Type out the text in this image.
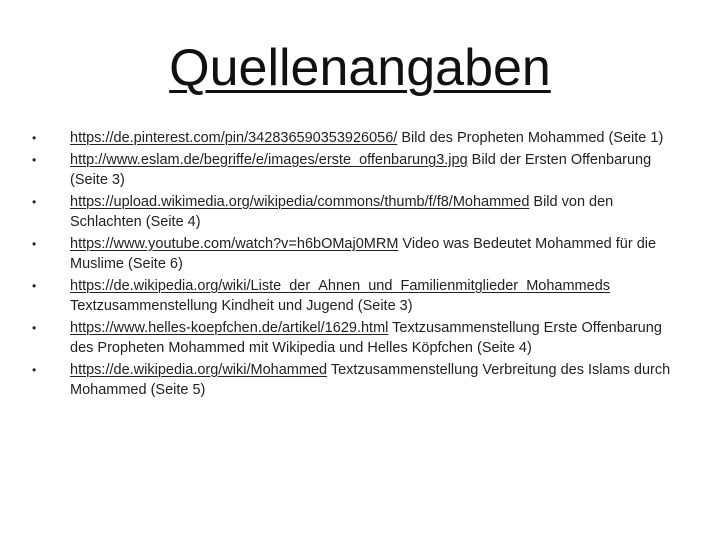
Quellenangaben
• https://de.pinterest.com/pin/342836590353926056/ Bild des Propheten Mohammed (Seite 1)
• http://www.eslam.de/begriffe/e/images/erste_offenbarung3.jpg Bild der Ersten Offenbarung (Seite 3)
• https://upload.wikimedia.org/wikipedia/commons/thumb/f/f8/Mohammed Bild von den Schlachten (Seite 4)
• https://www.youtube.com/watch?v=h6bOMaj0MRM Video was Bedeutet Mohammed für die Muslime (Seite 6)
• https://de.wikipedia.org/wiki/Liste_der_Ahnen_und_Familienmitglieder_Mohammeds Textzusammenstellung Kindheit und Jugend (Seite 3)
• https://www.helles-koepfchen.de/artikel/1629.html Textzusammenstellung Erste Offenbarung des Propheten Mohammed mit Wikipedia und Helles Köpfchen (Seite 4)
• https://de.wikipedia.org/wiki/Mohammed Textzusammenstellung Verbreitung des Islams durch Mohammed (Seite 5)
